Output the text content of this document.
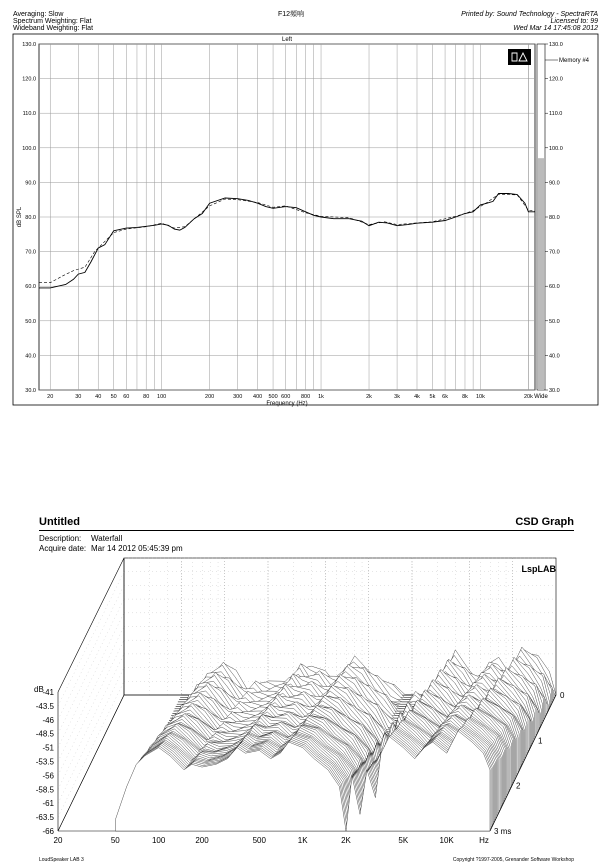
Averaging: Slow
Spectrum Weighting: Flat
Wideband Weighting: Flat
F12頻响	Printed by: Sound Technology - SpectraRTA
Licensed to: 99
Wed Mar 14 17:45:08 2012
30.0
40.0
50.0
60.0
70.0
80.0
90.0
100.0
110.0
120.0
130.0
30.0
40.0
50.0
60.0
70.0
80.0
90.0
100.0
110.0
120.0
130.0
20	30	40 50 60	80 100	200	300 400 500 600 800 1k	2k	3k	4k 5k 6k	8k 10k	20k
Left
Frequency (Hz)
dB SPL
Wide
Memory #4
Untitled	CSD Graph
Description: Waterfall
Acquire date: Mar 14 2012 05:45:39 pm
-41
-43.5
-46
-48.5
-51
-53.5
-56
-58.5
-61
-63.5
-66
20	50	100	200	500	1K	2K	5K	10K	Hz
0
1
2
3 ms
LspLAB
dB
LoudSpeaker LAB 3	Copyright ?1997-2005, Grenander Software Workshop
